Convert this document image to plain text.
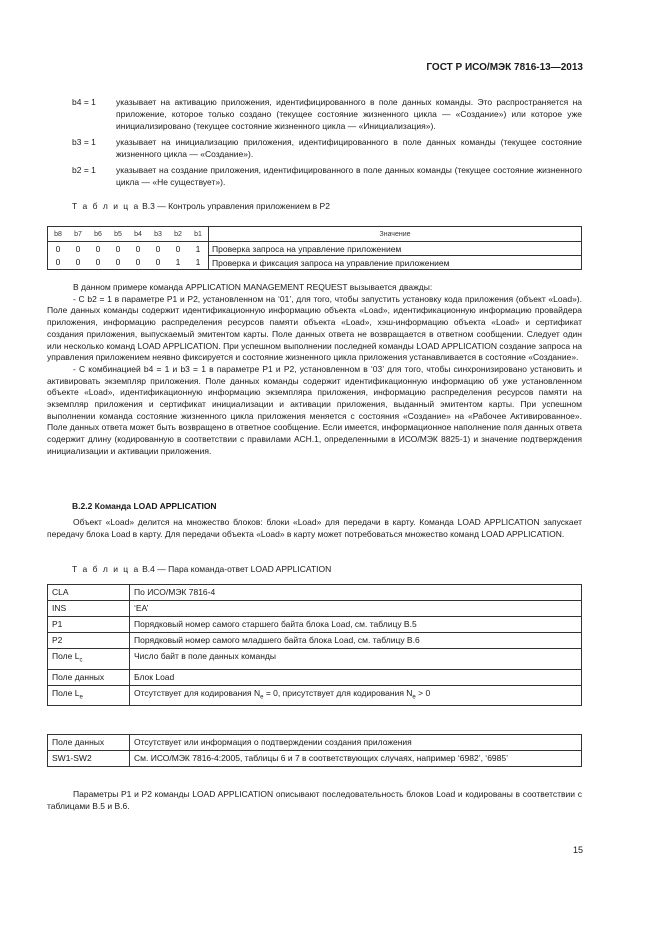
ГОСТ Р ИСО/МЭК 7816-13—2013
b4 = 1	указывает на активацию приложения, идентифицированного в поле данных команды. Это распространяется на приложение, которое только создано (текущее состояние жизненного цикла — «Создание») или которое уже инициализировано (текущее состояние жизненного цикла — «Инициализация»).
b3 = 1	указывает на инициализацию приложения, идентифицированного в поле данных команды (текущее состояние жизненного цикла — «Создание»).
b2 = 1	указывает на создание приложения, идентифицированного в поле данных команды (текущее состояние жизненного цикла — «Не существует»).
Т а б л и ц а В.3 — Контроль управления приложением в Р2
b8	b7	b6	b5	b4	b3	b2	b1	Значение
0	0	0	0	0	0	0	1	Проверка запроса на управление приложением
0	0	0	0	0	0	1	1	Проверка и фиксация запроса на управление приложением

В данном примере команда APPLICATION MANAGEMENT REQUEST вызывается дважды:

- С b2 = 1 в параметре Р1 и Р2, установленном на ‘01’, для того, чтобы запустить установку кода приложения (объект «Load»). Поле данных команды содержит идентификационную информацию объекта «Load», идентификационную информацию провайдера приложения, информацию распределения ресурсов памяти объекта «Load», хэш-информацию объекта «Load» и сертификат создания приложения, выпускаемый эмитентом карты. Поле данных ответа не возвращается в ответном сообщении. Следует один или несколько команд LOAD APPLICATION. При успешном выполнении последней команды LOAD APPLICATION создание запроса на управления приложением неявно фиксируется и состояние жизненного цикла приложения устанавливается в состояние «Создание».

- С комбинацией b4 = 1 и b3 = 1 в параметре Р1 и Р2, установленном в ‘03’ для того, чтобы синхронизировано установить и активировать экземпляр приложения. Поле данных команды содержит идентификационную информацию об уже установленном объекте «Load», идентификационную информацию экземпляра приложения, информацию распределения ресурсов памяти на экземпляр приложения и сертификат инициализации и активации приложения, выданный эмитентом карты. При успешном выполнении команда состояние жизненного цикла приложения меняется с состояния «Создание» на «Рабочее Активированное». Поле данных ответа может быть возвращено в ответное сообщение. Если имеется, информационное наполнение поля данных ответа содержит длину (кодированную в соответствии с правилами АСН.1, определенными в ИСО/МЭК 8825-1) и значение подтверждения инициализации и активации приложения.

В.2.2 Команда LOAD APPLICATION

Объект «Load» делится на множество блоков: блоки «Load» для передачи в карту. Команда LOAD APPLICATION запускает передачу блока Load в карту. Для передачи объекта «Load» в карту может потребоваться множество команд LOAD APPLICATION.

Т а б л и ц а В.4 — Пара команда-ответ LOAD APPLICATION
CLA	По ИСО/МЭК 7816-4
INS	‘EA’
P1	Порядковый номер самого старшего байта блока Load, см. таблицу В.5
P2	Порядковый номер самого младшего байта блока Load, см. таблицу В.6
Поле $L_c$	Число байт в поле данных команды
Поле данных	Блок Load
Поле $L_e$	Отсутствует для кодирования $N_e = 0$, присутствует для кодирования $N_e > 0$
Поле данных	Отсутствует или информация о подтверждении создания приложения
SW1-SW2	См. ИСО/МЭК 7816-4:2005, таблицы 6 и 7 в соответствующих случаях, например ‘6982’, ‘6985’

Параметры Р1 и Р2 команды LOAD APPLICATION описывают последовательность блоков Load и кодированы в соответствии с таблицами В.5 и В.6.

15
